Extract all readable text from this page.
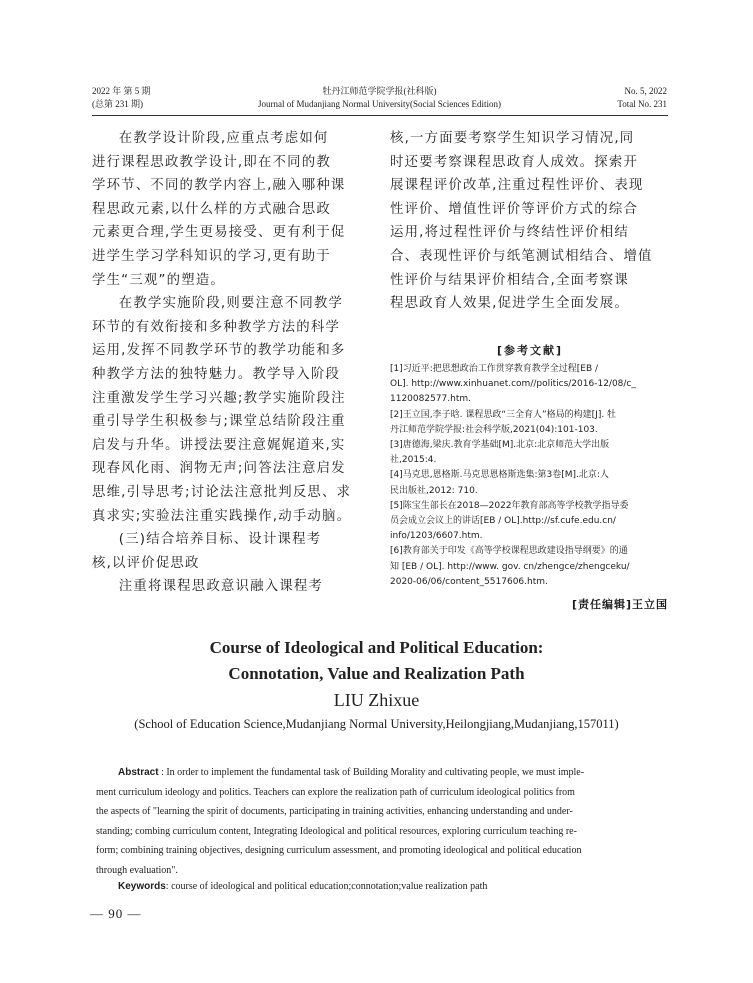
2022 年 第 5 期
(总第 231 期)
牡丹江师范学院学报(社科版)
Journal of Mudanjiang Normal University(Social Sciences Edition)
No. 5, 2022
Total No. 231

在教学设计阶段,应重点考虑如何
进行课程思政教学设计,即在不同的教
学环节、不同的教学内容上,融入哪种课
程思政元素,以什么样的方式融合思政
元素更合理,学生更易接受、更有利于促
进学生学习学科知识的学习,更有助于
学生“三观”的塑造。

在教学实施阶段,则要注意不同教学
环节的有效衔接和多种教学方法的科学
运用,发挥不同教学环节的教学功能和多
种教学方法的独特魅力。教学导入阶段
注重激发学生学习兴趣;教学实施阶段注
重引导学生积极参与;课堂总结阶段注重
启发与升华。讲授法要注意娓娓道来,实
现春风化雨、润物无声;问答法注意启发
思维,引导思考;讨论法注意批判反思、求
真求实;实验法注重实践操作,动手动脑。

(三)结合培养目标、设计课程考
核,以评价促思政

注重将课程思政意识融入课程考

核,一方面要考察学生知识学习情况,同
时还要考察课程思政育人成效。探索开
展课程评价改革,注重过程性评价、表现
性评价、增值性评价等评价方式的综合
运用,将过程性评价与终结性评价相结
合、表现性评价与纸笔测试相结合、增值
性评价与结果评价相结合,全面考察课
程思政育人效果,促进学生全面发展。

[参考文献]
[1]习近平:把思想政治工作贯穿教育教学全过程[EB /
OL]. http://www.xinhuanet.com//politics/2016-12/08/c_
1120082577.htm.
[2]王立国,李子晗. 课程思政“三全育人”格局的构建[J]. 牡
丹江师范学院学报:社会科学版,2021(04):101-103.
[3]唐德海,梁庆.教育学基础[M].北京:北京师范大学出版
社,2015:4.
[4]马克思,恩格斯.马克思恩格斯选集:第3卷[M].北京:人
民出版社,2012: 710.
[5]陈宝生部长在2018—2022年教育部高等学校教学指导委
员会成立会议上的讲话[EB / OL].http://sf.cufe.edu.cn/
info/1203/6607.htm.
[6]教育部关于印发《高等学校课程思政建设指导纲要》的通
知 [EB / OL]. http://www. gov. cn/zhengce/zhengceku/
2020-06/06/content_5517606.htm.
[责任编辑]王立国
Course of Ideological and Political Education:
Connotation, Value and Realization Path
LIU Zhixue
(School of Education Science,Mudanjiang Normal University,Heilongjiang,Mudanjiang,157011)
Abstract : In order to implement the fundamental task of Building Morality and cultivating people, we must imple-
ment curriculum ideology and politics. Teachers can explore the realization path of curriculum ideological politics from
the aspects of "learning the spirit of documents, participating in training activities, enhancing understanding and under-
standing; combing curriculum content, Integrating Ideological and political resources, exploring curriculum teaching re-
form; combining training objectives, designing curriculum assessment, and promoting ideological and political education
through evaluation".
Keywords: course of ideological and political education;connotation;value realization path
— 90 —
